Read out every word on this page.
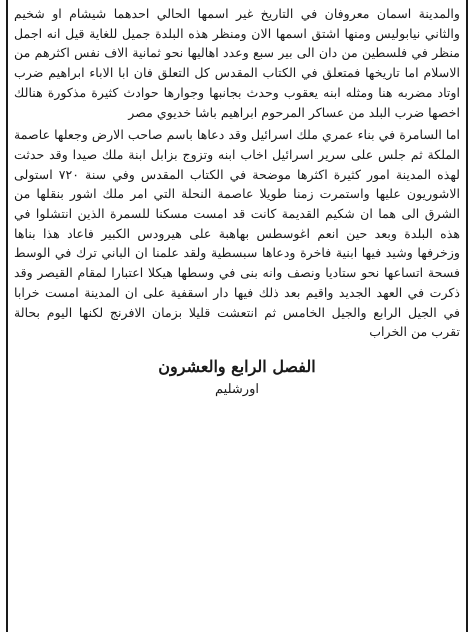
والمدينة اسمان معروفان في التاريخ غير اسمها الحالي احدهما شيشام او شخيم والثاني نيابوليس ومنها اشتق اسمها الان ومنظر هذه البلدة جميل للغاية قيل انه اجمل منظر في فلسطين من دان الى بير سبع وعدد اهاليها نحو ثمانية الاف نفس اكثرهم من الاسلام اما تاريخها فمتعلق في الكتاب المقدس كل التعلق فان ابا الاباء ابراهيم ضرب اوتاد مضربه هنا ومثله ابنه يعقوب وحدث بجانبها وجوارها حوادث كثيرة مذكورة هنالك اخصها ضرب البلد من عساكر المرحوم ابراهيم باشا خديوي مصر

اما السامرة في بناء عمري ملك اسرائيل وقد دعاها باسم صاحب الارض وجعلها عاصمة الملكة ثم جلس على سرير اسرائيل اخاب ابنه وتزوج بزابل ابنة ملك صيدا وقد حدثت لهذه المدينة امور كثيرة اكثرها موضحة في الكتاب المقدس وفي سنة ٧٢٠ استولى الاشوريون عليها واستمرت زمنا طويلا عاصمة النحلة التي امر ملك اشور بنقلها من الشرق الى هما ان شكيم القديمة كانت قد امست مسكنا للسمرة الذين انتشلوا في هذه البلدة وبعد حين انعم اغوسطس بهاهبة على هيرودس الكبير فاعاد هذا بناها وزخرفها وشيد فيها ابنية فاخرة ودعاها سبسطية ولقد علمنا ان الباني ترك في الوسط فسحة اتساعها نحو ستاديا ونصف وانه بنى في وسطها هيكلا اعتبارا لمقام القيصر وقد ذكرت في العهد الجديد واقيم بعد ذلك فيها دار اسقفية على ان المدينة امست خرابا في الجيل الرابع والجيل الخامس ثم انتعشت قليلا بزمان الافرنج لكنها اليوم بحالة تقرب من الخراب

الفصل الرابع والعشرون
اورشليم
